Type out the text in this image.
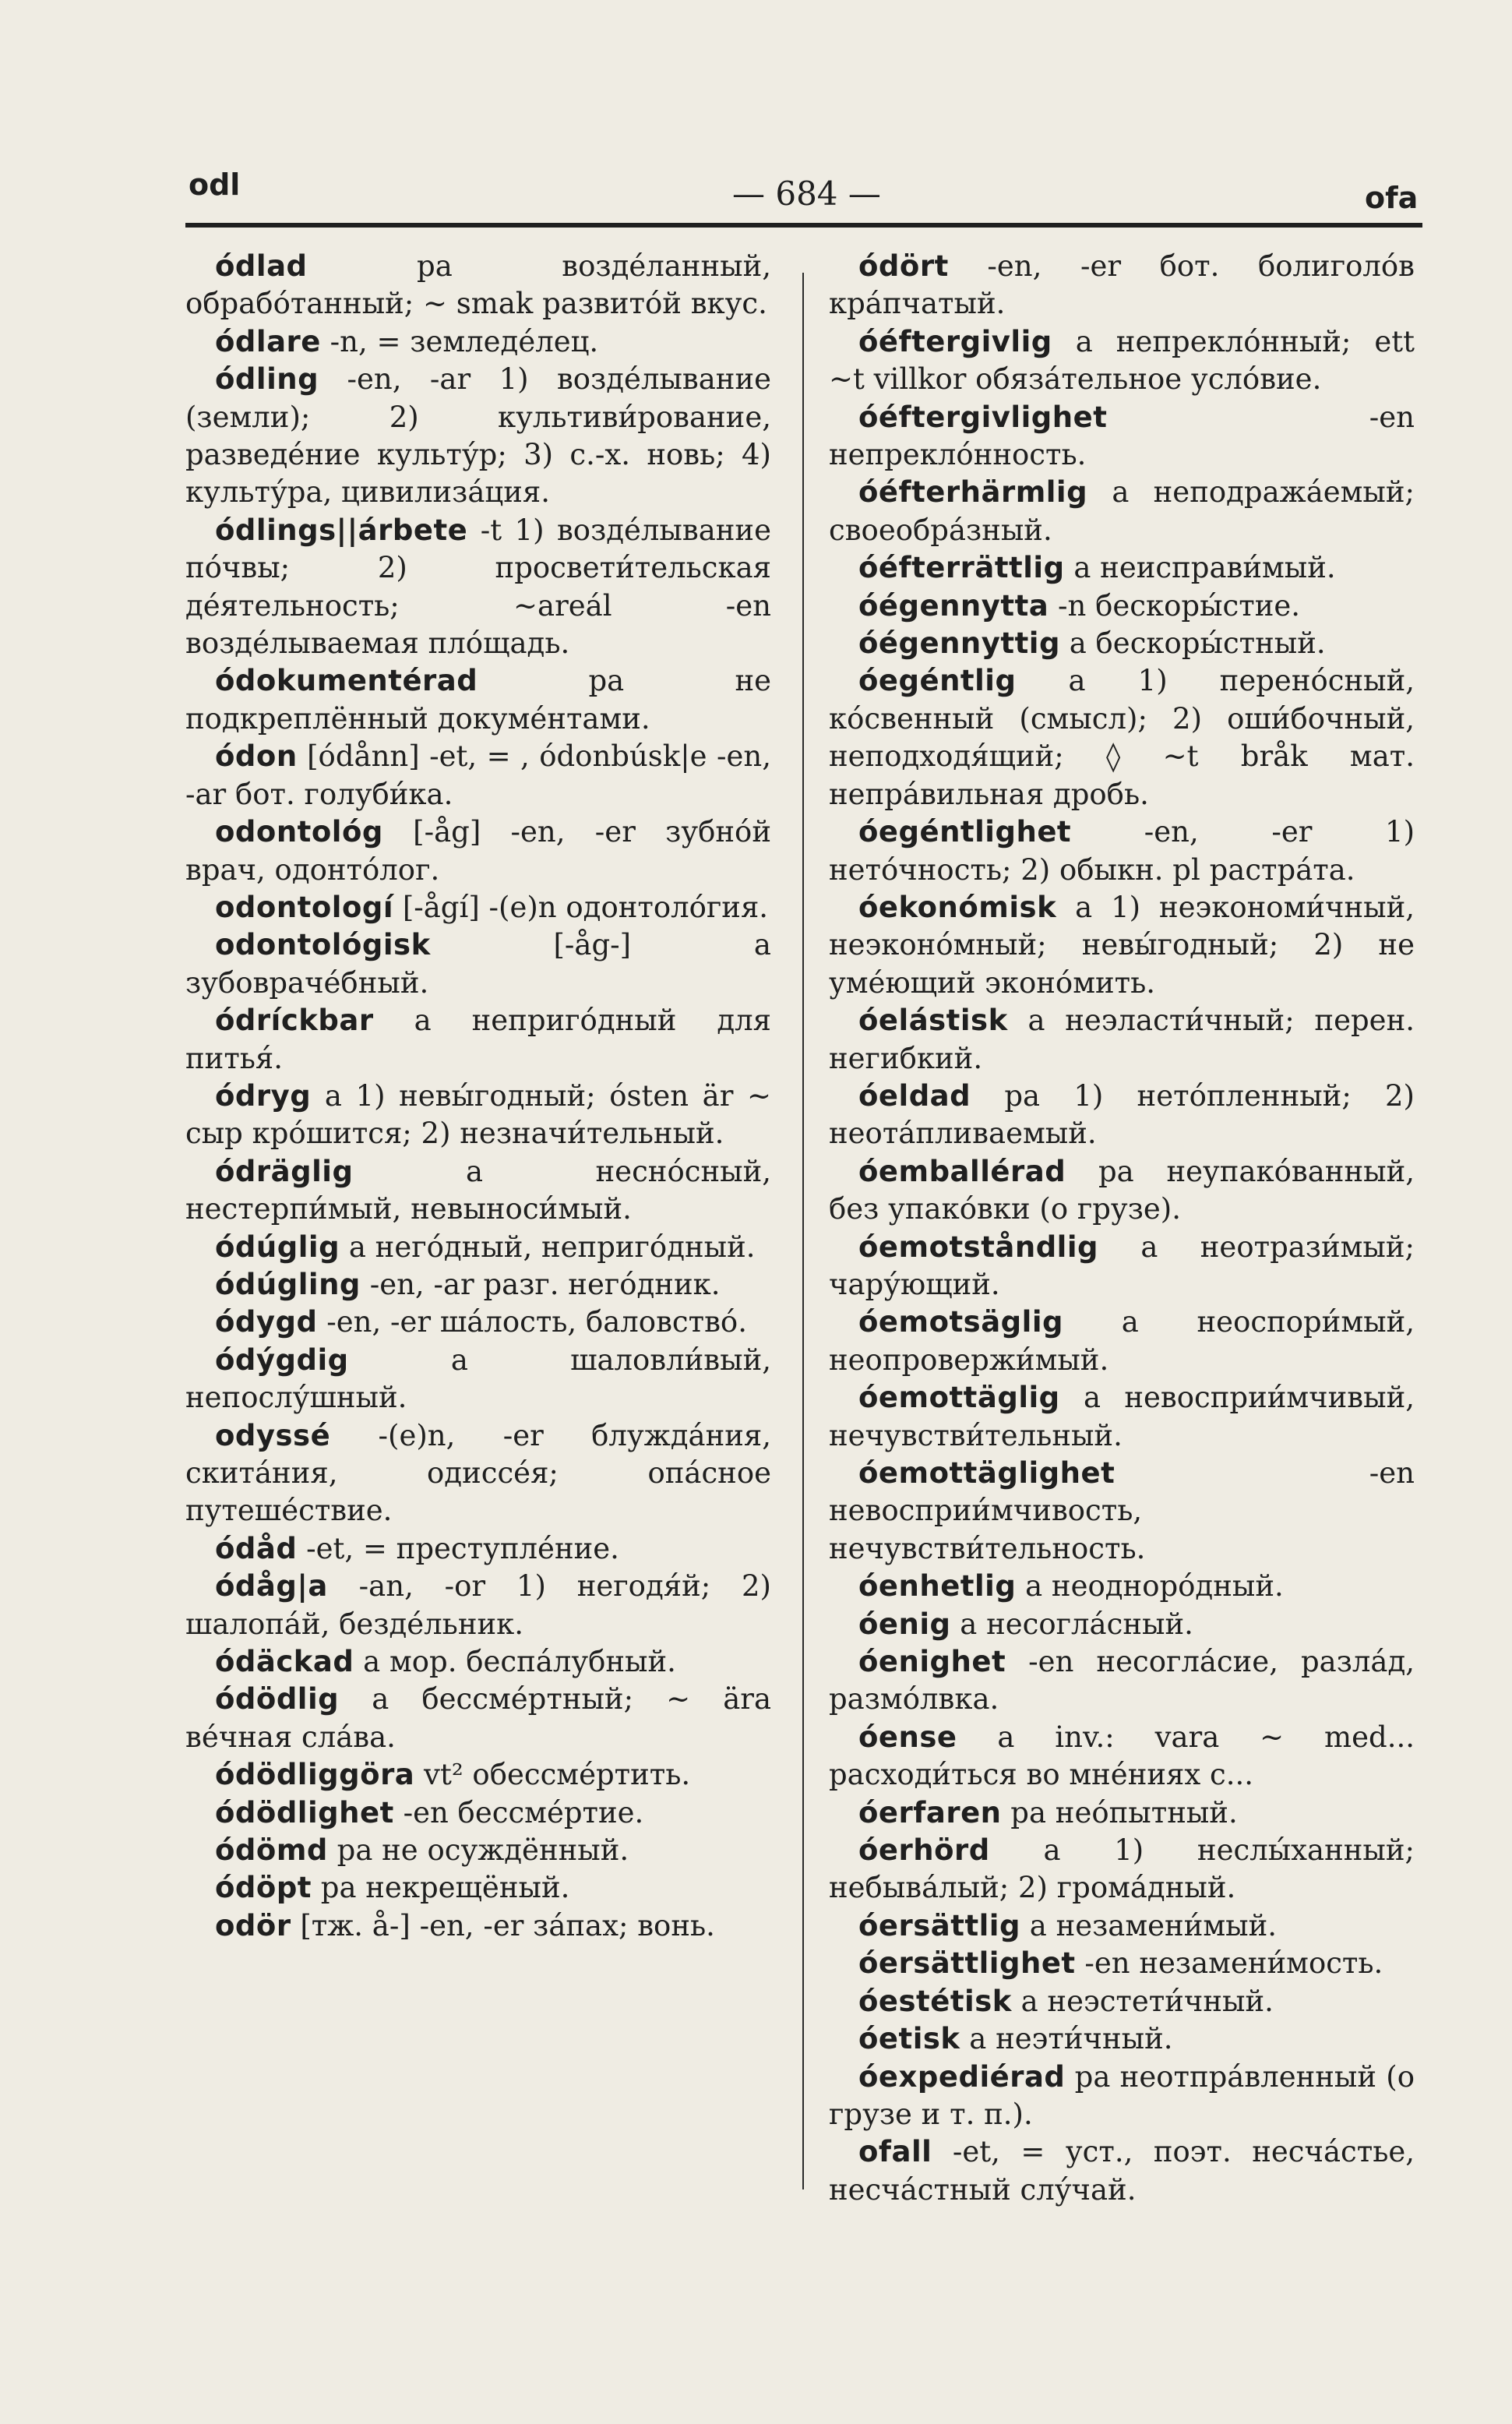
odl	— 684 —	ofa

ódlad	pa возде́ланный, обрабо́танный; ~ smak развито́й вкус.

ódlare -n, = земледе́лец.

ódling -en, -ar 1) возде́лывание (земли); 2) культиви́рование, разведе́ние культу́р; 3) с.-х. новь; 4) культу́ра, цивилиза́ция.

ódlings||árbete -t 1) возде́лывание по́чвы; 2) просвети́тельская де́ятельность; ~areál -en возде́лываемая пло́щадь.

ódokumentérad	pa не подкреплённый докуме́нтами.

ódon [ódånn] -et, = , ódonbúsk|e -en, -ar бот. голуби́ка.

odontológ [-åg] -en, -er зубно́й врач, одонто́лог.

odontologí [-ågí] -(e)n одонтоло́гия.

odontológisk	[-åg-] a зубовраче́бный.

ódríckbar a неприго́дный для питья́.

ódryg a 1) невы́годный; ósten är ~ сыр кро́шится; 2) незначи́тельный.

ódräglig	a несно́сный, нестерпи́мый, невыноси́мый.

ódúglig a него́дный, неприго́дный.

ódúgling -en, -ar разг. него́дник.

ódygd -en, -er ша́лость, баловство́.

ódýgdig	a шаловли́вый, непослу́шный.

odyssé -(e)n, -er блужда́ния, скита́ния, одиссе́я; опа́сное путеше́ствие.

ódåd -et, = преступле́ние.

ódåg|a -an, -or 1) негодя́й; 2) шалопа́й, безде́льник.

ódäckad a мор. беспа́лубный.

ódödlig a бессме́ртный; ~ ära ве́чная сла́ва.

ódödliggöra vt² обессме́ртить.

ódödlighet -en бессме́ртие.

ódömd pa не осуждённый.

ódöpt pa некрещёный.

odör [тж. å-] -en, -er за́пах; вонь.

ódört -en, -er бот. болиголо́в кра́пчатый.

óéftergivlig a непрекло́нный; ett ~t villkor обяза́тельное усло́вие.

óéftergivlighet	-en непрекло́нность.

óéfterhärmlig a неподража́емый; своеобра́зный.

óéfterrättlig a неисправи́мый.

óégennytta -n бескоры́стие.

óégennyttig a бескоры́стный.

óegéntlig a 1) перено́сный, ко́свенный (смысл); 2) оши́бочный, неподходя́щий; ◊ ~t bråk мат. непра́вильная дробь.

óegéntlighet	-en, -er 1) нето́чность; 2) обыкн. pl растра́та.

óekonómisk a 1) неэкономи́чный, неэконо́мный; невы́годный; 2) не уме́ющий эконо́мить.

óelástisk a неэласти́чный; перен. негибкий.

óeldad pa 1) нето́пленный; 2) неота́пливаемый.

óemballérad pa неупако́ванный, без упако́вки (о грузе).

óemotståndlig a неотрази́мый; чару́ющий.

óemotsäglig a неоспори́мый, неопровержи́мый.

óemottäglig a невосприи́мчивый, нечувстви́тельный.

óemottäglighet	-en невосприи́мчивость, нечувстви́тельность.

óenhetlig a неодноро́дный.

óenig a несогла́сный.

óenighet -en несогла́сие, разла́д, размо́лвка.

óense a inv.: vara ~ med... расходи́ться во мне́ниях с...

óerfaren pa нео́пытный.

óerhörd a 1) неслы́ханный; небыва́лый; 2) грома́дный.

óersättlig a незамени́мый.

óersättlighet -en незамени́мость.

óestétisk a неэстети́чный.

óetisk a неэти́чный.

óexpediérad pa неотпра́вленный (о грузе и т. п.).

ofall -et, = уст., поэт. несча́стье, несча́стный слу́чай.
